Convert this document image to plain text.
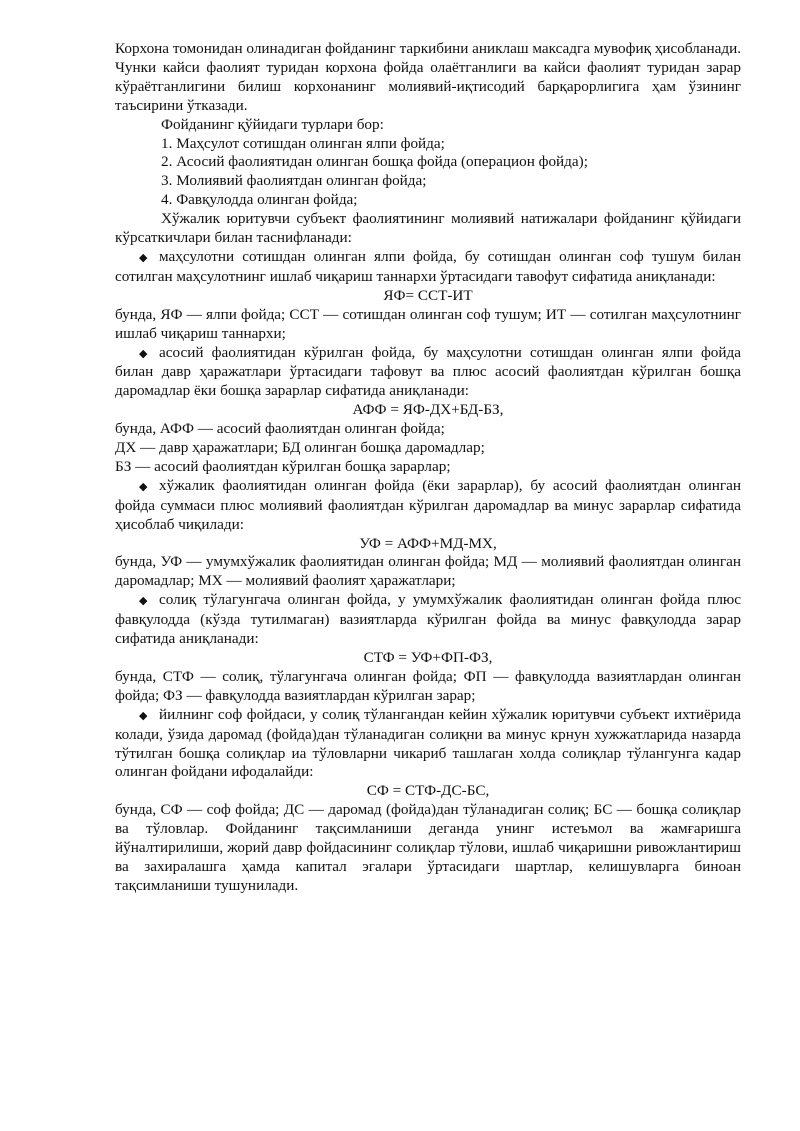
Корхона томонидан олинадиган фойданинг таркибини аниклаш максадга мувофиқ ҳисобланади. Чунки кайси фаолият туридан корхона фойда олаётганлиги ва кайси фаолият туридан зарар кўраётганлигини билиш корхонанинг молиявий-иқтисодий барқарорлигига ҳам ўзининг таъсирини ўтказади.

Фойданинг қўйидаги турлари бор:

1. Маҳсулот сотишдан олинган ялпи фойда;

2. Асосий фаолиятидан олинган бошқа фойда (операцион фойда);

3. Молиявий фаолиятдан олинган фойда;

4. Фавқулодда олинган фойда;

Хўжалик юритувчи субъект фаолиятининг молиявий натижалари фойданинг қўйидаги кўрсаткичлари билан таснифланади:

◆ маҳсулотни сотишдан олинган ялпи фойда, бу сотишдан олинган соф тушум билан сотилган маҳсулотнинг ишлаб чиқариш таннархи ўртасидаги тавофут сифатида аниқланади:

ЯФ= ССТ-ИТ

бунда, ЯФ — ялпи фойда; ССТ — сотишдан олинган соф тушум; ИТ — сотилган маҳсулотнинг ишлаб чиқариш таннархи;

◆ асосий фаолиятидан кўрилган фойда, бу маҳсулотни сотишдан олинган ялпи фойда билан давр ҳаражатлари ўртасидаги тафовут ва плюс асосий фаолиятдан кўрилган бошқа даромадлар ёки бошқа зарарлар сифатида аниқланади:

АФФ = ЯФ-ДХ+БД-БЗ,

бунда, АФФ — асосий фаолиятдан олинган фойда;

ДХ — давр ҳаражатлари; БД олинган бошқа даромадлар;

БЗ — асосий фаолиятдан кўрилган бошқа зарарлар;

◆ хўжалик фаолиятидан олинган фойда (ёки зарарлар), бу асосий фаолиятдан олинган фойда суммаси плюс молиявий фаолиятдан кўрилган даромадлар ва минус зарарлар сифатида ҳисоблаб чиқилади:

УФ = АФФ+МД-МХ,

бунда, УФ — умумхўжалик фаолиятидан олинган фойда; МД — молиявий фаолиятдан олинган даромадлар; МХ — молиявий фаолият ҳаражатлари;

◆ солиқ тўлагунгача олинган фойда, у умумхўжалик фаолиятидан олинган фойда плюс фавқулодда (кўзда тутилмаган) вазиятларда кўрилган фойда ва минус фавқулодда зарар сифатида аниқланади:

СТФ = УФ+ФП-ФЗ,

бунда, СТФ — солиқ, тўлагунгача олинган фойда; ФП — фавқулодда вазиятлардан олинган фойда; ФЗ — фавқулодда вазиятлардан кўрилган зарар;

◆ йилнинг соф фойдаси, у солиқ тўлангандан кейин хўжалик юритувчи субъект ихтиёрида колади, ўзида даромад (фойда)дан тўланадиган солиқни ва минус крнун хужжатларида назарда тўтилган бошқа солиқлар иа тўловларни чикариб ташлаган холда солиқлар тўлангунга кадар олинган фойдани ифодалайди:

СФ = СТФ-ДС-БС,

бунда, СФ — соф фойда; ДС — даромад (фойда)дан тўланадиган солиқ; БС — бошқа солиқлар ва тўловлар. Фойданинг тақсимланиши деганда унинг истеъмол ва жамғаришга йўналтирилиши, жорий давр фойдасининг солиқлар тўлови, ишлаб чиқаришни ривожлантириш ва захиралашга ҳамда капитал эгалари ўртасидаги шартлар, келишувларга биноан тақсимланиши тушунилади.
